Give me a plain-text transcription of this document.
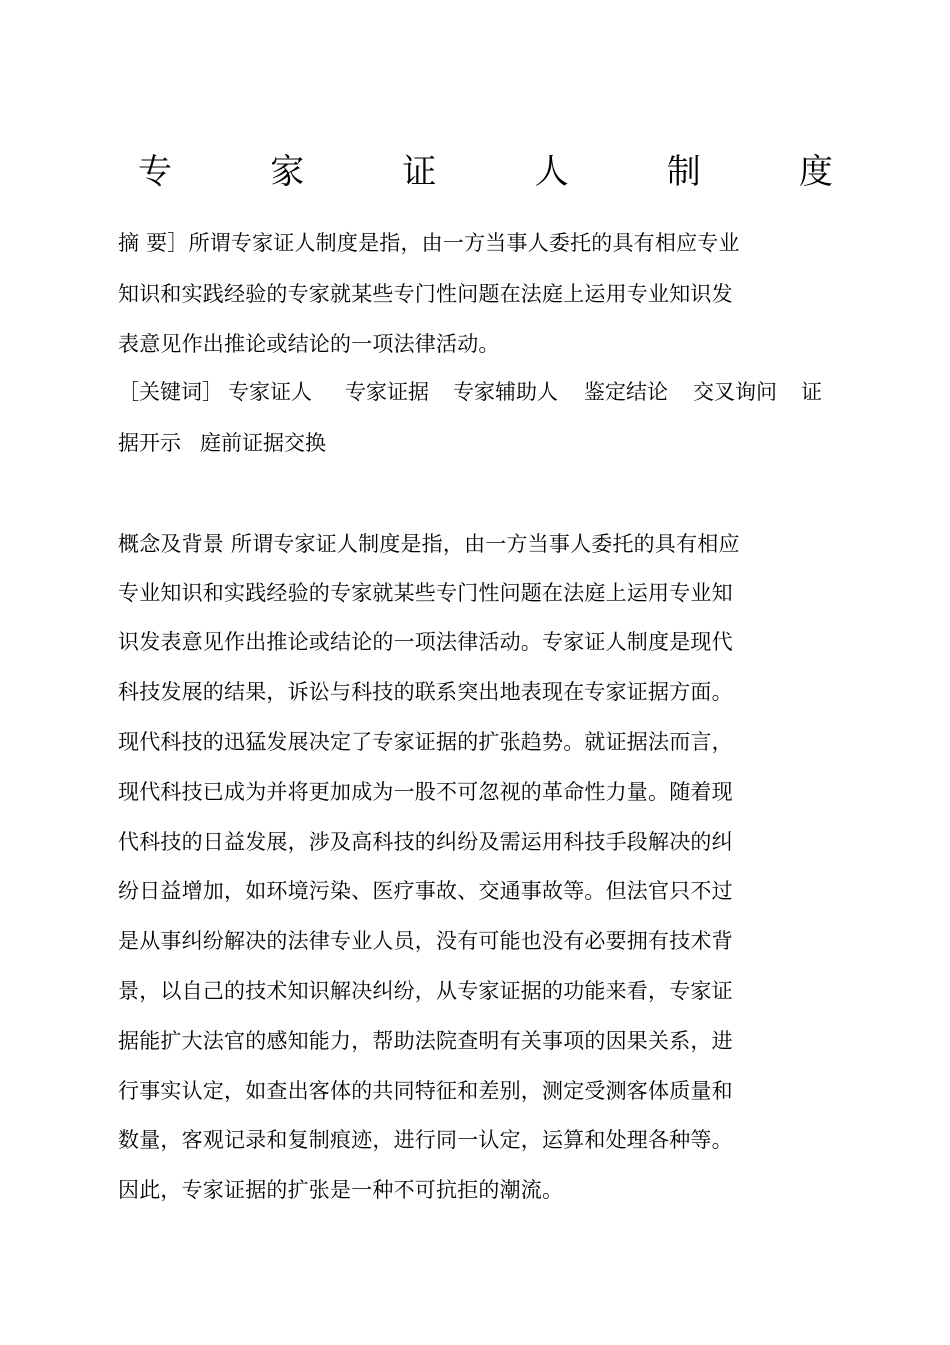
专	家	证	人	制	度
摘 要］所谓专家证人制度是指，由一方当事人委托的具有相应专业
知识和实践经验的专家就某些专门性问题在法庭上运用专业知识发
表意见作出推论或结论的一项法律活动。
［关键词］ 专家证人 专家证据 专家辅助人 鉴定结论 交叉询问 证
据开示 庭前证据交换
概念及背景 所谓专家证人制度是指，由一方当事人委托的具有相应
专业知识和实践经验的专家就某些专门性问题在法庭上运用专业知
识发表意见作出推论或结论的一项法律活动。专家证人制度是现代
科技发展的结果，诉讼与科技的联系突出地表现在专家证据方面。
现代科技的迅猛发展决定了专家证据的扩张趋势。就证据法而言，
现代科技已成为并将更加成为一股不可忽视的革命性力量。随着现
代科技的日益发展，涉及高科技的纠纷及需运用科技手段解决的纠
纷日益增加，如环境污染、医疗事故、交通事故等。但法官只不过
是从事纠纷解决的法律专业人员，没有可能也没有必要拥有技术背
景，以自己的技术知识解决纠纷，从专家证据的功能来看，专家证
据能扩大法官的感知能力，帮助法院查明有关事项的因果关系，进
行事实认定，如查出客体的共同特征和差别，测定受测客体质量和
数量，客观记录和复制痕迹，进行同一认定，运算和处理各种等。
因此，专家证据的扩张是一种不可抗拒的潮流。
